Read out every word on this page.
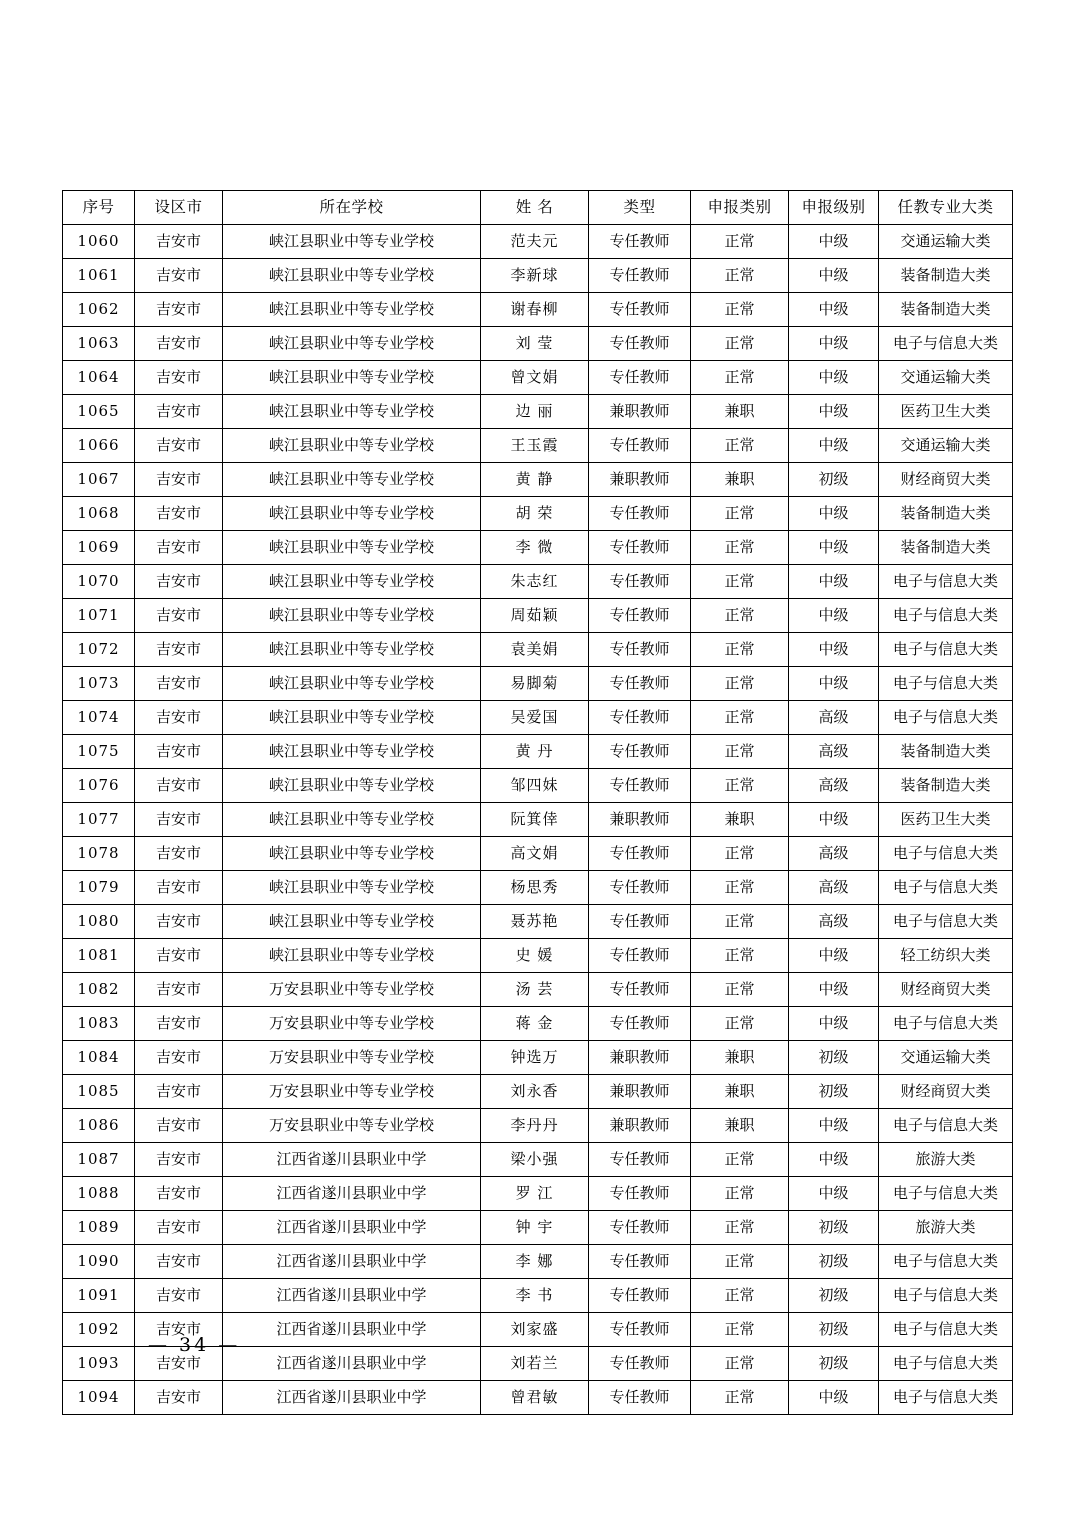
序号	设区市	所在学校	姓 名	类型	申报类别	申报级别	任教专业大类
1060	吉安市	峡江县职业中等专业学校	范夫元	专任教师	正常	中级	交通运输大类
1061	吉安市	峡江县职业中等专业学校	李新球	专任教师	正常	中级	装备制造大类
1062	吉安市	峡江县职业中等专业学校	谢春柳	专任教师	正常	中级	装备制造大类
1063	吉安市	峡江县职业中等专业学校	刘 莹	专任教师	正常	中级	电子与信息大类
1064	吉安市	峡江县职业中等专业学校	曾文娟	专任教师	正常	中级	交通运输大类
1065	吉安市	峡江县职业中等专业学校	边 丽	兼职教师	兼职	中级	医药卫生大类
1066	吉安市	峡江县职业中等专业学校	王玉霞	专任教师	正常	中级	交通运输大类
1067	吉安市	峡江县职业中等专业学校	黄 静	兼职教师	兼职	初级	财经商贸大类
1068	吉安市	峡江县职业中等专业学校	胡 荣	专任教师	正常	中级	装备制造大类
1069	吉安市	峡江县职业中等专业学校	李 微	专任教师	正常	中级	装备制造大类
1070	吉安市	峡江县职业中等专业学校	朱志红	专任教师	正常	中级	电子与信息大类
1071	吉安市	峡江县职业中等专业学校	周茹颖	专任教师	正常	中级	电子与信息大类
1072	吉安市	峡江县职业中等专业学校	袁美娟	专任教师	正常	中级	电子与信息大类
1073	吉安市	峡江县职业中等专业学校	易脚菊	专任教师	正常	中级	电子与信息大类
1074	吉安市	峡江县职业中等专业学校	吴爱国	专任教师	正常	高级	电子与信息大类
1075	吉安市	峡江县职业中等专业学校	黄 丹	专任教师	正常	高级	装备制造大类
1076	吉安市	峡江县职业中等专业学校	邹四妹	专任教师	正常	高级	装备制造大类
1077	吉安市	峡江县职业中等专业学校	阮箕倖	兼职教师	兼职	中级	医药卫生大类
1078	吉安市	峡江县职业中等专业学校	高文娟	专任教师	正常	高级	电子与信息大类
1079	吉安市	峡江县职业中等专业学校	杨思秀	专任教师	正常	高级	电子与信息大类
1080	吉安市	峡江县职业中等专业学校	聂苏艳	专任教师	正常	高级	电子与信息大类
1081	吉安市	峡江县职业中等专业学校	史 媛	专任教师	正常	中级	轻工纺织大类
1082	吉安市	万安县职业中等专业学校	汤 芸	专任教师	正常	中级	财经商贸大类
1083	吉安市	万安县职业中等专业学校	蒋 金	专任教师	正常	中级	电子与信息大类
1084	吉安市	万安县职业中等专业学校	钟选万	兼职教师	兼职	初级	交通运输大类
1085	吉安市	万安县职业中等专业学校	刘永香	兼职教师	兼职	初级	财经商贸大类
1086	吉安市	万安县职业中等专业学校	李丹丹	兼职教师	兼职	中级	电子与信息大类
1087	吉安市	江西省遂川县职业中学	梁小强	专任教师	正常	中级	旅游大类
1088	吉安市	江西省遂川县职业中学	罗 江	专任教师	正常	中级	电子与信息大类
1089	吉安市	江西省遂川县职业中学	钟 宇	专任教师	正常	初级	旅游大类
1090	吉安市	江西省遂川县职业中学	李 娜	专任教师	正常	初级	电子与信息大类
1091	吉安市	江西省遂川县职业中学	李 书	专任教师	正常	初级	电子与信息大类
1092	吉安市	江西省遂川县职业中学	刘家盛	专任教师	正常	初级	电子与信息大类
1093	吉安市	江西省遂川县职业中学	刘若兰	专任教师	正常	初级	电子与信息大类
1094	吉安市	江西省遂川县职业中学	曾君敏	专任教师	正常	中级	电子与信息大类
— 34 —
